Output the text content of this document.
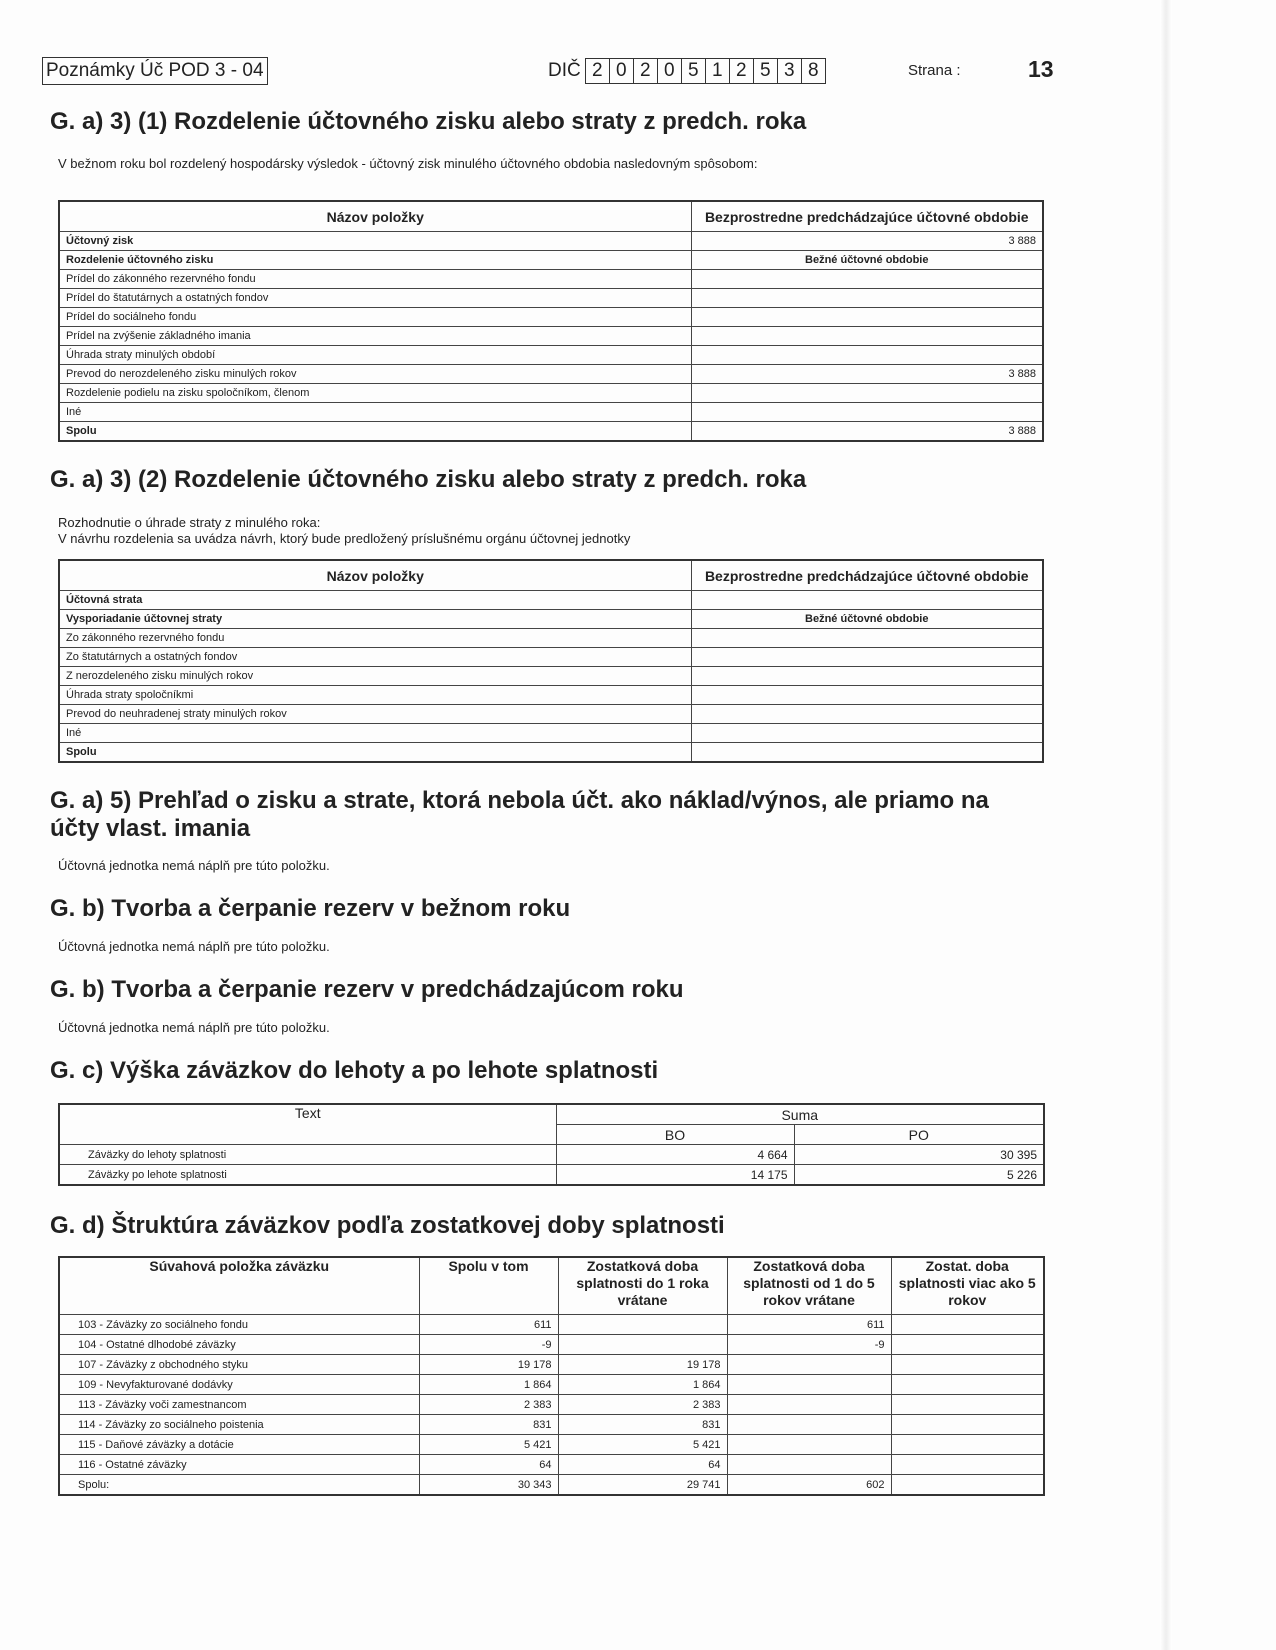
Poznámky Úč POD 3 - 04	DIČ 2 0 2 0 5 1 2 5 3 8	Strana :	13
G. a) 3) (1) Rozdelenie účtovného zisku alebo straty z predch. roka
V bežnom roku bol rozdelený hospodársky výsledok - účtovný zisk minulého účtovného obdobia nasledovným spôsobom:
Názov položky	Bezprostredne predchádzajúce účtovné obdobie
Účtovný zisk	3 888
Rozdelenie účtovného zisku	Bežné účtovné obdobie
Prídel do zákonného rezervného fondu	
Prídel do štatutárnych a ostatných fondov	
Prídel do sociálneho fondu	
Prídel na zvýšenie základného imania	
Úhrada straty minulých období	
Prevod do nerozdeleného zisku minulých rokov	3 888
Rozdelenie podielu na zisku spoločníkom, členom	
Iné	
Spolu	3 888
G. a) 3) (2) Rozdelenie účtovného zisku alebo straty z predch. roka
Rozhodnutie o úhrade straty z minulého roka:
V návrhu rozdelenia sa uvádza návrh, ktorý bude predložený príslušnému orgánu účtovnej jednotky
Názov položky	Bezprostredne predchádzajúce účtovné obdobie
Účtovná strata	
Vysporiadanie účtovnej straty	Bežné účtovné obdobie
Zo zákonného rezervného fondu	
Zo štatutárnych a ostatných fondov	
Z nerozdeleného zisku minulých rokov	
Úhrada straty spoločníkmi	
Prevod do neuhradenej straty minulých rokov	
Iné	
Spolu	
G. a) 5) Prehľad o zisku a strate, ktorá nebola účt. ako náklad/výnos, ale priamo na účty vlast. imania
Účtovná jednotka nemá náplň pre túto položku.
G. b) Tvorba a čerpanie rezerv v bežnom roku
Účtovná jednotka nemá náplň pre túto položku.
G. b) Tvorba a čerpanie rezerv v predchádzajúcom roku
Účtovná jednotka nemá náplň pre túto položku.
G. c) Výška záväzkov do lehoty a po lehote splatnosti
Text	Suma	
	BO	PO
Záväzky do lehoty splatnosti	4 664	30 395
Záväzky po lehote splatnosti	14 175	5 226
G. d) Štruktúra záväzkov podľa zostatkovej doby splatnosti
Súvahová položka záväzku	Spolu v tom	Zostatková doba splatnosti do 1 roka vrátane	Zostatková doba splatnosti od 1 do 5 rokov vrátane	Zostat. doba splatnosti viac ako 5 rokov
103 - Záväzky zo sociálneho fondu	611		611	
104 - Ostatné dlhodobé záväzky	-9		-9	
107 - Záväzky z obchodného styku	19 178	19 178		
109 - Nevyfakturované dodávky	1 864	1 864		
113 - Záväzky voči zamestnancom	2 383	2 383		
114 - Záväzky zo sociálneho poistenia	831	831		
115 - Daňové záväzky a dotácie	5 421	5 421		
116 - Ostatné záväzky	64	64		
Spolu:	30 343	29 741	602	
